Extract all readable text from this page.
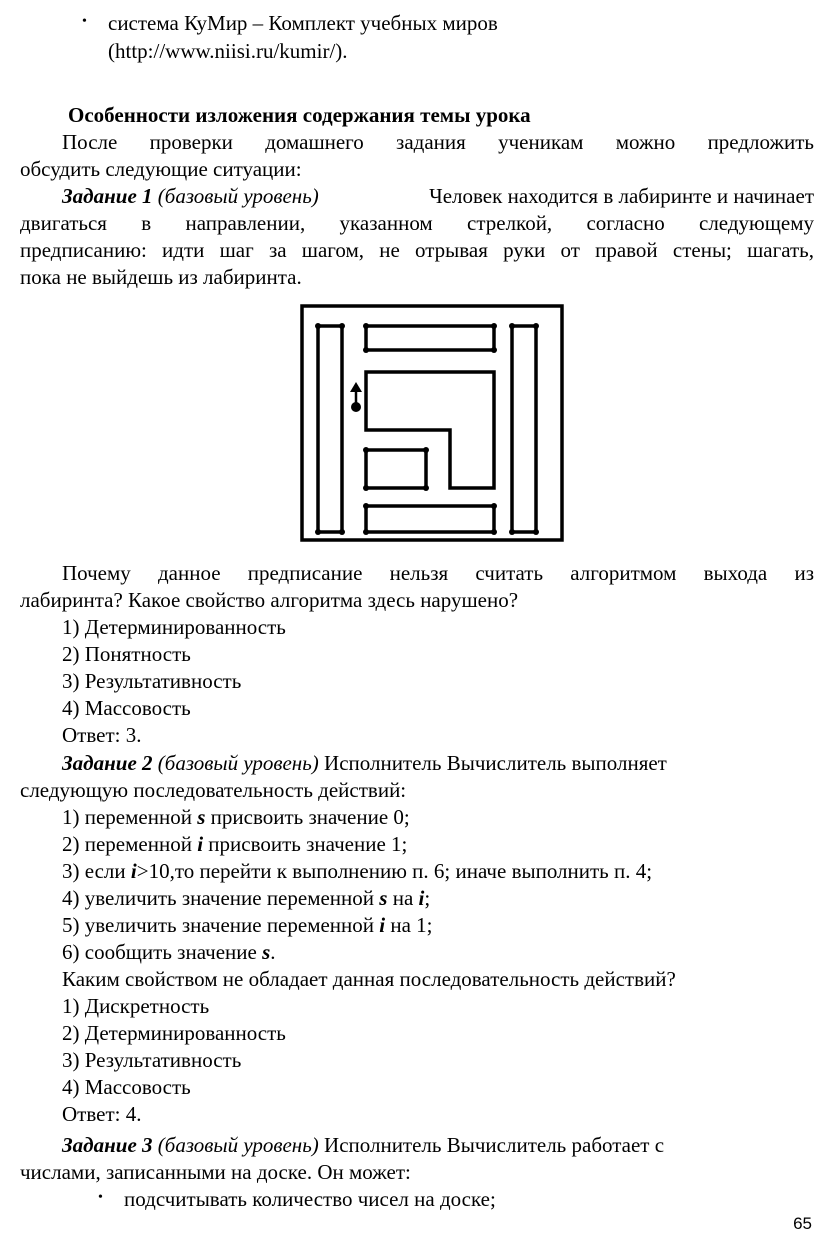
• система КуМир – Комплект учебных миров
(http://www.niisi.ru/kumir/).
Особенности изложения содержания темы урока
После проверки домашнего задания ученикам можно предложить
обсудить следующие ситуации:
Задание 1 (базовый уровень)	Человек находится в лабиринте и начинает
двигаться в направлении, указанном стрелкой, согласно следующему
предписанию: идти шаг за шагом, не отрывая руки от правой стены; шагать,
пока не выйдешь из лабиринта.
Почему данное предписание нельзя считать алгоритмом выхода из
лабиринта? Какое свойство алгоритма здесь нарушено?
1) Детерминированность
2) Понятность
3) Результативность
4) Массовость
Ответ: 3.
Задание 2 (базовый уровень) Исполнитель Вычислитель выполняет
следующую последовательность действий:
1) переменной s присвоить значение 0;
2) переменной i присвоить значение 1;
3) если i>10,то перейти к выполнению п. 6; иначе выполнить п. 4;
4) увеличить значение переменной s на i;
5) увеличить значение переменной i на 1;
6) сообщить значение s.
Каким свойством не обладает данная последовательность действий?
1) Дискретность
2) Детерминированность
3) Результативность
4) Массовость
Ответ: 4.
Задание 3 (базовый уровень) Исполнитель Вычислитель работает с
числами, записанными на доске. Он может:
• подсчитывать количество чисел на доске;
65
